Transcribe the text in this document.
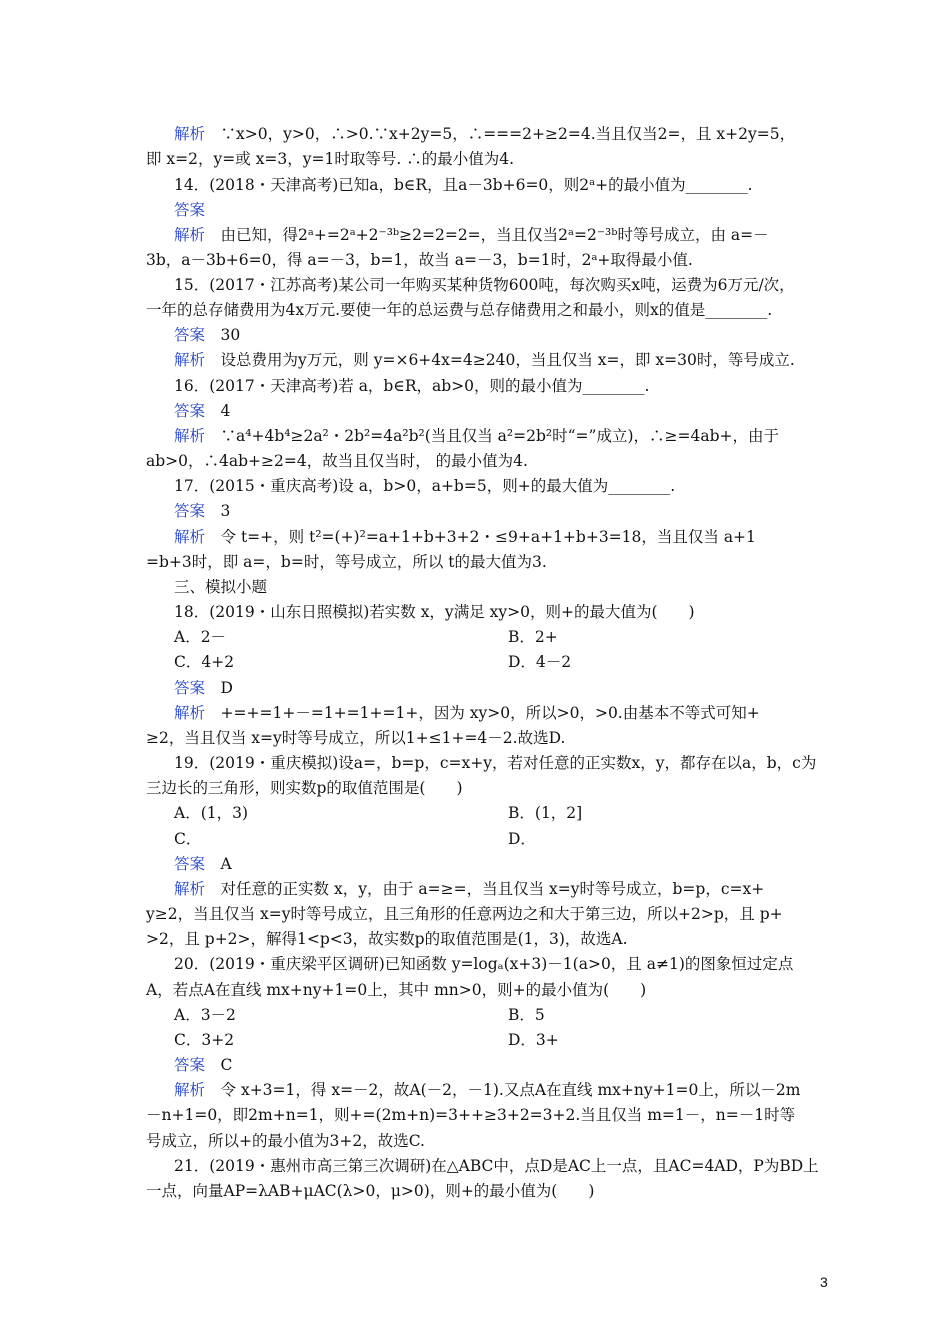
解析　 ∵x>0，y>0，∴>0.∵x+2y=5，∴===2+≥2=4.当且仅当2=，且 x+2y=5，
即 x=2，y=或 x=3，y=1时取等号. ∴的最小值为4.
14．(2018・天津高考)已知a，b∈R，且a－3b+6=0，则2ᵃ+的最小值为________.
答案　
解析　 由已知，得2ᵃ+=2ᵃ+2⁻³ᵇ≥2=2=2=，当且仅当2ᵃ=2⁻³ᵇ时等号成立，由 a=－
3b，a－3b+6=0，得 a=－3，b=1，故当 a=－3，b=1时，2ᵃ+取得最小值.
15．(2017・江苏高考)某公司一年购买某种货物600吨，每次购买x吨，运费为6万元/次，
一年的总存储费用为4x万元.要使一年的总运费与总存储费用之和最小，则x的值是________.
答案　 30
解析　 设总费用为y万元，则 y=×6+4x=4≥240，当且仅当 x=，即 x=30时，等号成立.
16．(2017・天津高考)若 a，b∈R，ab>0，则的最小值为________.
答案　 4
解析　 ∵a⁴+4b⁴≥2a²・2b²=4a²b²(当且仅当 a²=2b²时“=”成立)，∴≥=4ab+，由于
ab>0，∴4ab+≥2=4，故当且仅当时， 的最小值为4.
17．(2015・重庆高考)设 a，b>0，a+b=5，则+的最大值为________.
答案　 3
解析　 令 t=+，则 t²=(+)²=a+1+b+3+2・≤9+a+1+b+3=18，当且仅当 a+1
=b+3时，即 a=，b=时，等号成立，所以 t的最大值为3.
三、模拟小题
18．(2019・山东日照模拟)若实数 x，y满足 xy>0，则+的最大值为(　　)
A．2－	B．2+
C．4+2	D．4－2
答案　 D
解析　 +=+=1+－=1+=1+=1+，因为 xy>0，所以>0，>0.由基本不等式可知+
≥2，当且仅当 x=y时等号成立，所以1+≤1+=4－2.故选D.
19．(2019・重庆模拟)设a=，b=p，c=x+y，若对任意的正实数x，y，都存在以a，b，c为
三边长的三角形，则实数p的取值范围是(　　)
A．(1，3)	B．(1，2]
C．	D．
答案　 A
解析　 对任意的正实数 x，y，由于 a=≥=，当且仅当 x=y时等号成立，b=p，c=x+
y≥2，当且仅当 x=y时等号成立，且三角形的任意两边之和大于第三边，所以+2>p，且 p+
>2，且 p+2>，解得1<p<3，故实数p的取值范围是(1，3)，故选A.
20．(2019・重庆梁平区调研)已知函数 y=logₐ(x+3)－1(a>0，且 a≠1)的图象恒过定点
A，若点A在直线 mx+ny+1=0上，其中 mn>0，则+的最小值为(　　)
A．3－2	B．5
C．3+2	D．3+
答案　 C
解析　 令 x+3=1，得 x=－2，故A(－2，－1).又点A在直线 mx+ny+1=0上，所以－2m
－n+1=0，即2m+n=1，则+=(2m+n)=3++≥3+2=3+2.当且仅当 m=1－，n=－1时等
号成立，所以+的最小值为3+2，故选C.
21．(2019・惠州市高三第三次调研)在△ABC中，点D是AC上一点，且AC=4AD，P为BD上
一点，向量AP=λAB+μAC(λ>0，μ>0)，则+的最小值为(　　)
3
